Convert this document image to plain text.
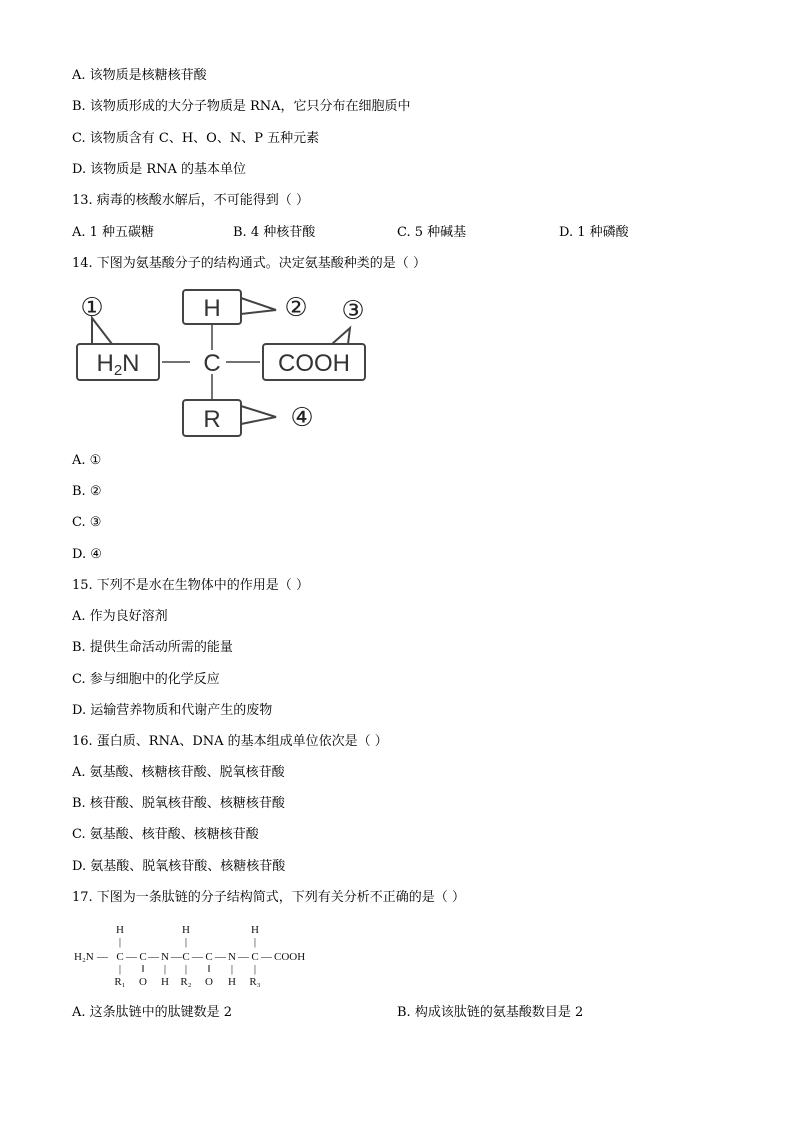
A. 该物质是核糖核苷酸
B. 该物质形成的大分子物质是 RNA，它只分布在细胞质中
C. 该物质含有 C、H、O、N、P 五种元素
D. 该物质是 RNA 的基本单位
13. 病毒的核酸水解后，不可能得到（ ）
A. 1 种五碳糖	B. 4 种核苷酸	C. 5 种碱基	D. 1 种磷酸
14. 下图为氨基酸分子的结构通式。决定氨基酸种类的是（ ）
H
H2N	C COOH
R
①	② ③
④
A. ①
B. ②
C. ③
D. ④
15. 下列不是水在生物体中的作用是（ ）
A. 作为良好溶剂
B. 提供生命活动所需的能量
C. 参与细胞中的化学反应
D. 运输营养物质和代谢产生的废物
16. 蛋白质、RNA、DNA 的基本组成单位依次是（ ）
A. 氨基酸、核糖核苷酸、脱氧核苷酸
B. 核苷酸、脱氧核苷酸、核糖核苷酸
C. 氨基酸、核苷酸、核糖核苷酸
D. 氨基酸、脱氧核苷酸、核糖核苷酸
17. 下图为一条肽链的分子结构简式，下列有关分析不正确的是（ ）
H	H	H
|	|	|
H₂N — C — C — N — C — C — N — C — COOH
| ‖ | | ‖ | |
R₁ O H R₂ O H R₃
A. 这条肽链中的肽键数是 2	B. 构成该肽链的氨基酸数目是 2
